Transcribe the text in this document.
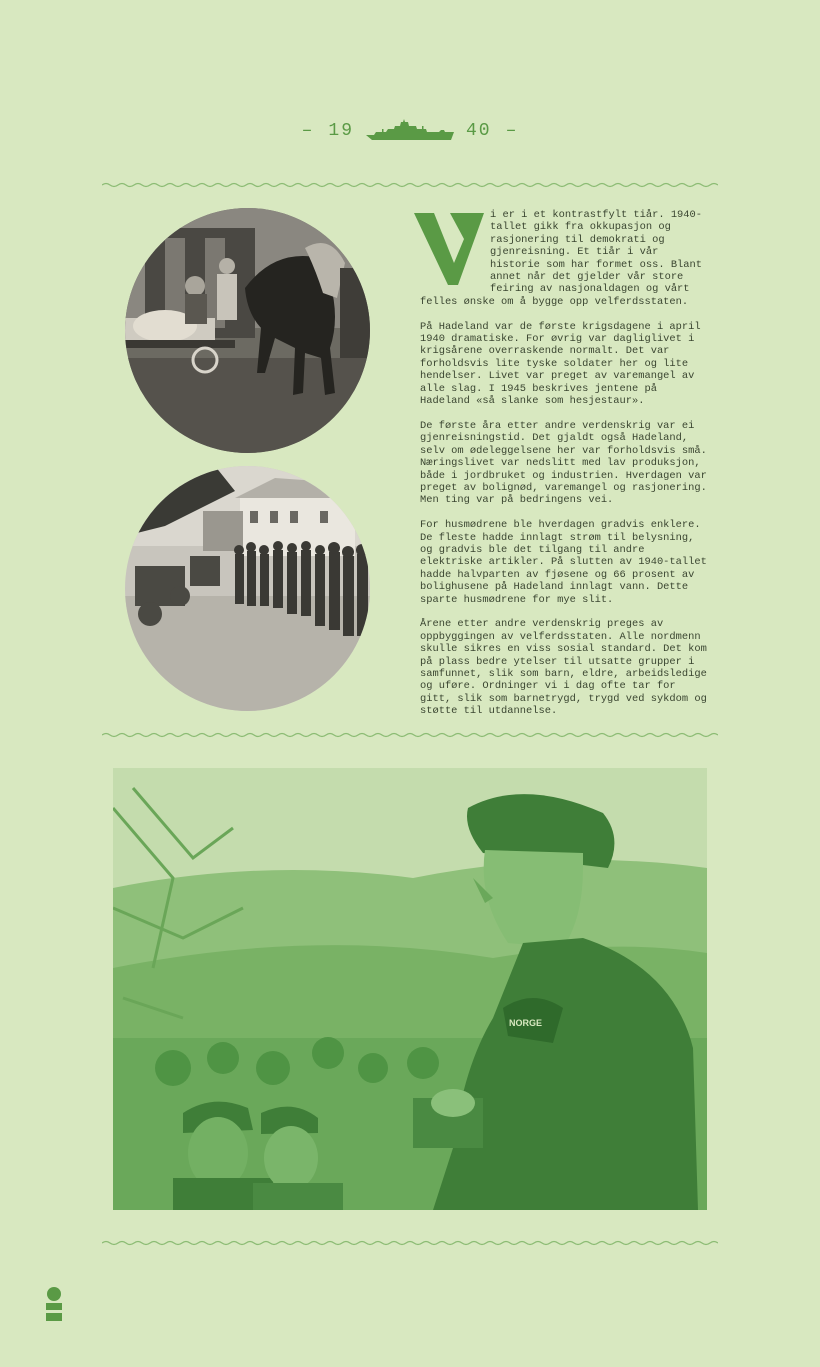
– 19	40 –

i er i et kontrastfylt tiår. 1940-tallet gikk fra okkupasjon og rasjonering til demokrati og gjenreisning. Et tiår i vår historie som har formet oss. Blant annet når det gjelder vår store feiring av nasjonaldagen og vårt felles ønske om å bygge opp velferdsstaten.

På Hadeland var de første krigsdagene i april 1940 dramatiske. For øvrig var dagliglivet i krigsårene overraskende normalt. Det var forholdsvis lite tyske soldater her og lite hendelser. Livet var preget av varemangel av alle slag. I 1945 beskrives jentene på Hadeland «så slanke som hesjestaur».

De første åra etter andre verdenskrig var ei gjenreisningstid. Det gjaldt også Hadeland, selv om ødeleggelsene her var forholdsvis små. Næringslivet var nedslitt med lav produksjon, både i jordbruket og industrien. Hverdagen var preget av bolignød, varemangel og rasjonering. Men ting var på bedringens vei.

For husmødrene ble hverdagen gradvis enklere. De fleste hadde innlagt strøm til belysning, og gradvis ble det tilgang til andre elektriske artikler. På slutten av 1940-tallet hadde halvparten av fjøsene og 66 prosent av bolighusene på Hadeland innlagt vann. Dette sparte husmødrene for mye slit.

Årene etter andre verdenskrig preges av oppbyggingen av velferdsstaten. Alle nordmenn skulle sikres en viss sosial standard. Det kom på plass bedre ytelser til utsatte grupper i samfunnet, slik som barn, eldre, arbeidsledige og uføre. Ordninger vi i dag ofte tar for gitt, slik som barnetrygd, trygd ved sykdom og støtte til utdannelse.

NORGE
